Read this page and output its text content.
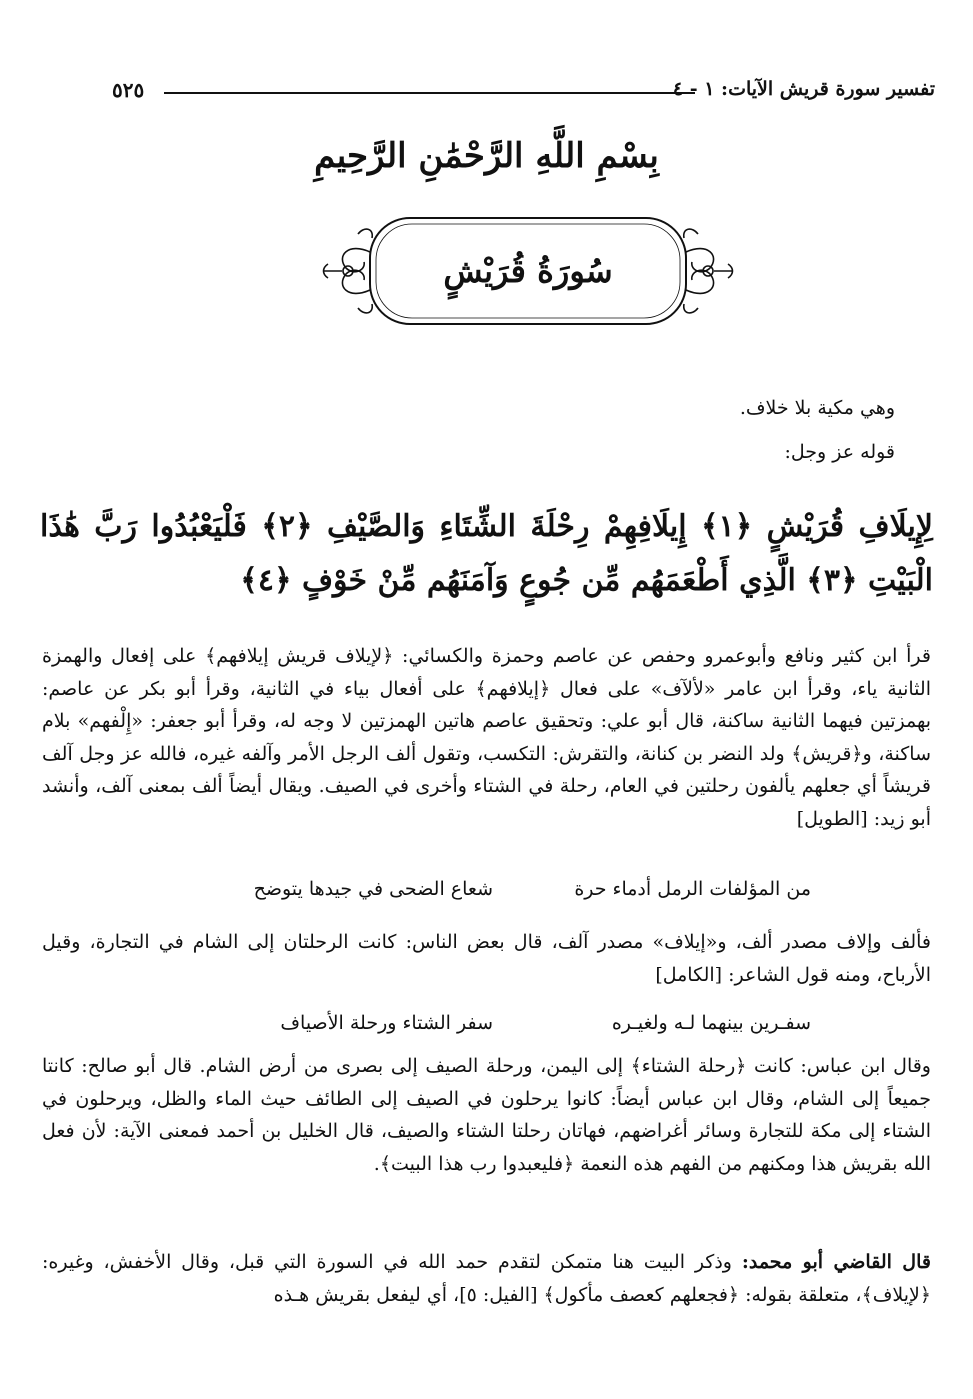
تفسير سورة قريش الآيات: ١ - ٤
٥٢٥
بِسْمِ اللَّهِ الرَّحْمَٰنِ الرَّحِيمِ
سُورَةُ قُرَيْشٍ
وهي مكية بلا خلاف.
قوله عز وجل:
لِإِيلَافِ قُرَيْشٍ ﴿١﴾ إِيلَافِهِمْ رِحْلَةَ الشِّتَاءِ وَالصَّيْفِ ﴿٢﴾ فَلْيَعْبُدُوا رَبَّ هَٰذَا الْبَيْتِ ﴿٣﴾ الَّذِي أَطْعَمَهُم مِّن جُوعٍ وَآمَنَهُم مِّنْ خَوْفٍ ﴿٤﴾
قرأ ابن كثير ونافع وأبوعمرو وحفص عن عاصم وحمزة والكسائي: ﴿لإيلاف قريش إيلافهم﴾ على إفعال والهمزة الثانية ياء، وقرأ ابن عامر «لألآف» على فعال ﴿إيلافهم﴾ على أفعال بياء في الثانية، وقرأ أبو بكر عن عاصم: بهمزتين فيهما الثانية ساكنة، قال أبو علي: وتحقيق عاصم هاتين الهمزتين لا وجه له، وقرأ أبو جعفر: «إِلْفهم» بلام ساكنة، و﴿قريش﴾ ولد النضر بن كنانة، والتقرش: التكسب، وتقول ألف الرجل الأمر وآلفه غيره، فالله عز وجل آلف قريشاً أي جعلهم يألفون رحلتين في العام، رحلة في الشتاء وأخرى في الصيف. ويقال أيضاً ألف بمعنى آلف، وأنشد أبو زيد: [الطويل]
من المؤلفات الرمل أدماء حرة
شعاع الضحى في جيدها يتوضح
فألف وإلاف مصدر ألف، و«إيلاف» مصدر آلف، قال بعض الناس: كانت الرحلتان إلى الشام في التجارة، وقيل الأرباح، ومنه قول الشاعر: [الكامل]
سفـرين بينهما لـه ولغيـره
سفر الشتاء ورحلة الأصياف
وقال ابن عباس: كانت ﴿رحلة الشتاء﴾ إلى اليمن، ورحلة الصيف إلى بصرى من أرض الشام. قال أبو صالح: كانتا جميعاً إلى الشام، وقال ابن عباس أيضاً: كانوا يرحلون في الصيف إلى الطائف حيث الماء والظل، ويرحلون في الشتاء إلى مكة للتجارة وسائر أغراضهم، فهاتان رحلتا الشتاء والصيف، قال الخليل بن أحمد فمعنى الآية: لأن فعل الله بقريش هذا ومكنهم من الفهم هذه النعمة ﴿فليعبدوا رب هذا البيت﴾.
قال القاضي أبو محمد: وذكر البيت هنا متمكن لتقدم حمد الله في السورة التي قبل، وقال الأخفش، وغيره: ﴿لإيلاف﴾، متعلقة بقوله: ﴿فجعلهم كعصف مأكول﴾ [الفيل: ٥]، أي ليفعل بقريش هـذه
